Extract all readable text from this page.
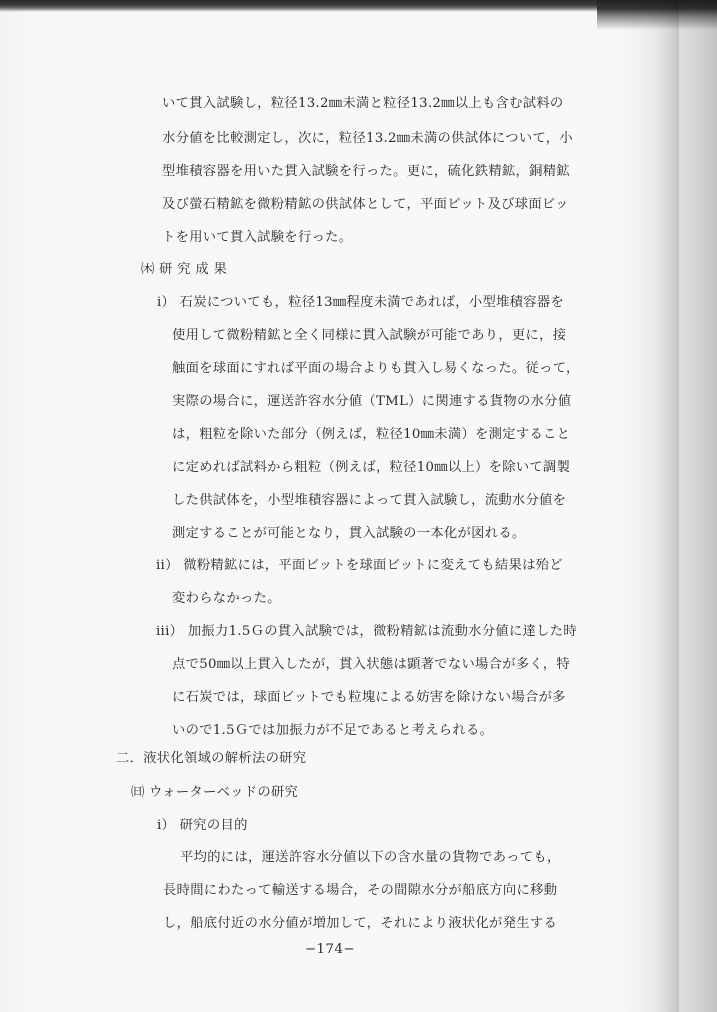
いて貫入試験し，粒径13.2㎜未満と粒径13.2㎜以上も含む試料の
水分値を比較測定し，次に，粒径13.2㎜未満の供試体について，小
型堆積容器を用いた貫入試験を行った。更に，硫化鉄精鉱，銅精鉱
及び螢石精鉱を微粉精鉱の供試体として，平面ビット及び球面ビッ
トを用いて貫入試験を行った。
㈭ 研 究 成 果
i） 石炭についても，粒径13㎜程度未満であれば，小型堆積容器を
使用して微粉精鉱と全く同様に貫入試験が可能であり，更に，接
触面を球面にすれば平面の場合よりも貫入し易くなった。従って，
実際の場合に，運送許容水分値（TML）に関連する貨物の水分値
は，粗粒を除いた部分（例えば，粒径10㎜未満）を測定すること
に定めれば試料から粗粒（例えば，粒径10㎜以上）を除いて調製
した供試体を，小型堆積容器によって貫入試験し，流動水分値を
測定することが可能となり，貫入試験の一本化が図れる。
ii） 微粉精鉱には，平面ビットを球面ビットに変えても結果は殆ど
変わらなかった。
iii） 加振力1.5Ｇの貫入試験では，微粉精鉱は流動水分値に達した時
点で50㎜以上貫入したが，貫入状態は顕著でない場合が多く，特
に石炭では，球面ビットでも粒塊による妨害を除けない場合が多
いので1.5Ｇでは加振力が不足であると考えられる。
二．液状化領域の解析法の研究
㈰ ウォーターベッドの研究
i） 研究の目的
平均的には，運送許容水分値以下の含水量の貨物であっても，
長時間にわたって輸送する場合，その間隙水分が船底方向に移動
し，船底付近の水分値が増加して，それにより液状化が発生する
−174−
